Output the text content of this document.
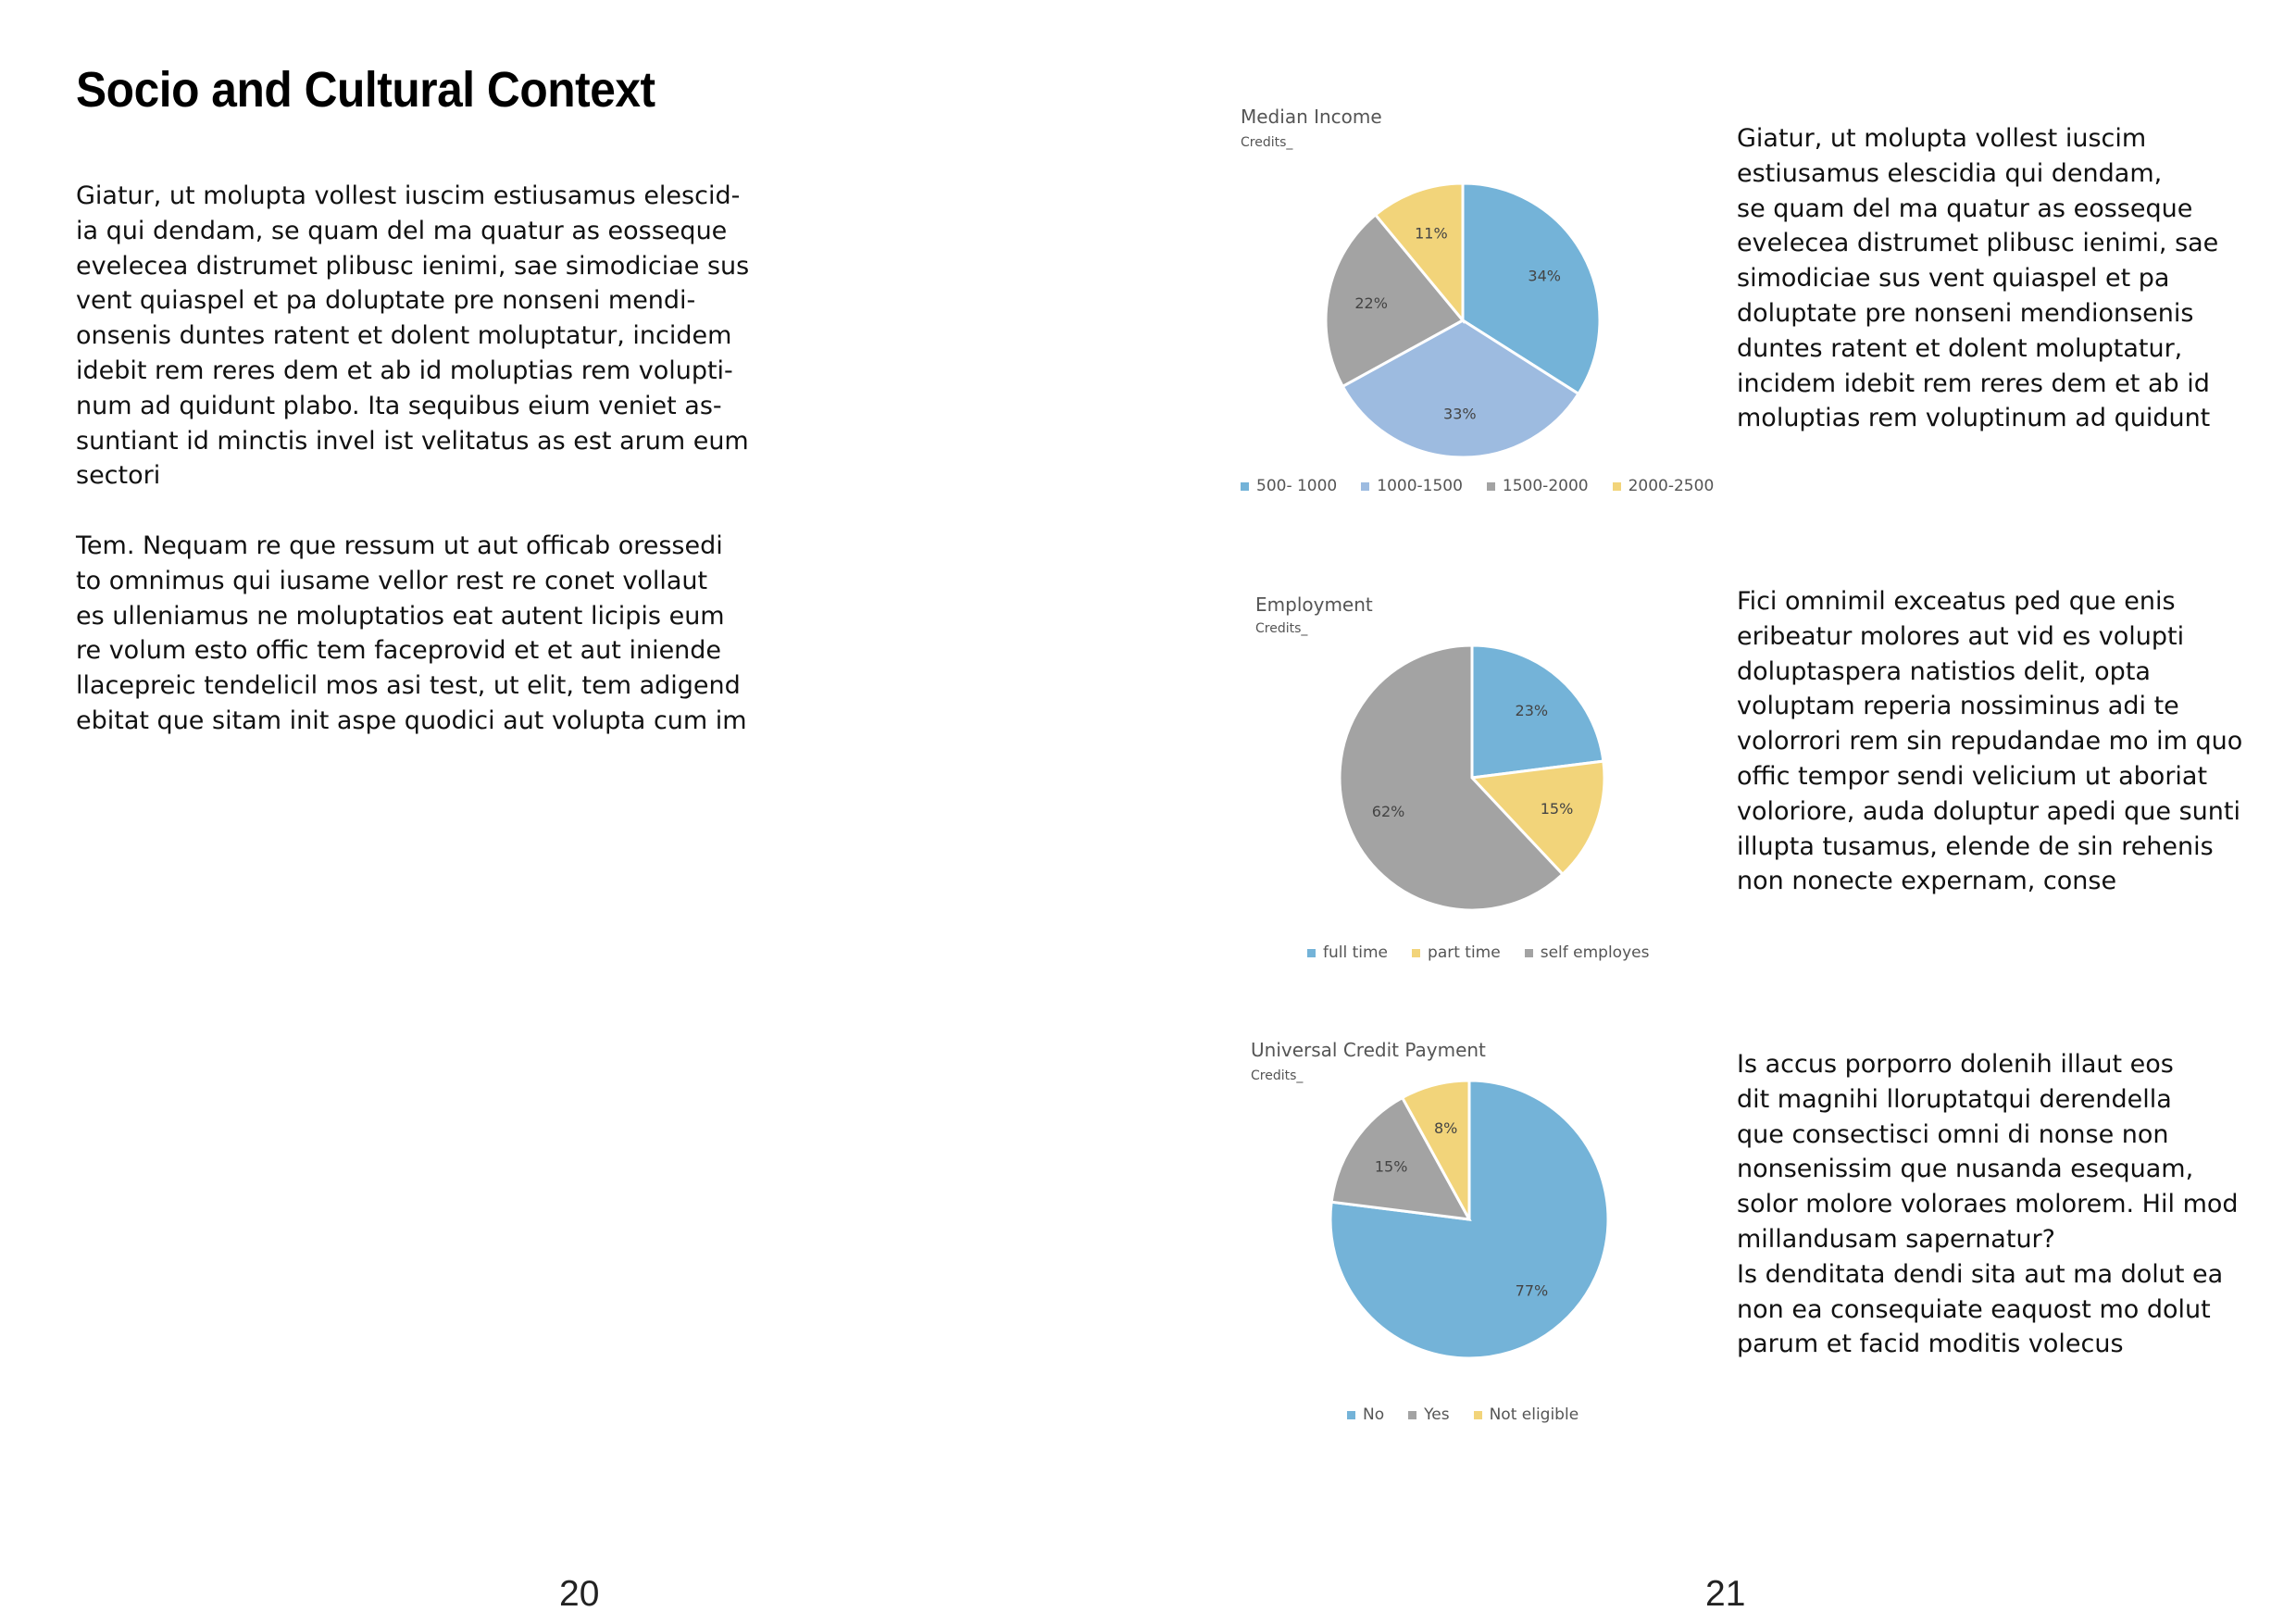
Socio and Cultural Context

Giatur, ut molupta vollest iuscim estiusamus elescid-
ia qui dendam, se quam del ma quatur as eosseque
evelecea distrumet plibusc ienimi, sae simodiciae sus
vent quiaspel et pa doluptate pre nonseni mendi-
onsenis duntes ratent et dolent moluptatur, incidem
idebit rem reres dem et ab id moluptias rem volupti-
num ad quidunt plabo. Ita sequibus eium veniet as-
suntiant id minctis invel ist velitatus as est arum eum
sectori

Tem. Nequam re que ressum ut aut officab oressedi
to omnimus qui iusame vellor rest re conet vollaut
es ulleniamus ne moluptatios eat autent licipis eum
re volum esto offic tem faceprovid et et aut iniende
llacepreic tendelicil mos asi test, ut elit, tem adigend
ebitat que sitam init aspe quodici aut volupta cum im

20
Median Income
Credits_
34%
33%
22%
11%
500- 1000	1000-1500	1500-2000	2000-2500
Employment
Credits_
23%
15%
62%
full time	part time	self employes
Universal Credit Payment
Credits_
77%
15%
8%
No	Yes	Not eligible

Giatur, ut molupta vollest iuscim
estiusamus elescidia qui dendam,
se quam del ma quatur as eosseque
evelecea distrumet plibusc ienimi, sae
simodiciae sus vent quiaspel et pa
doluptate pre nonseni mendionsenis
duntes ratent et dolent moluptatur,
incidem idebit rem reres dem et ab id
moluptias rem voluptinum ad quidunt

Fici omnimil exceatus ped que enis
eribeatur molores aut vid es volupti
doluptaspera natistios delit, opta
voluptam reperia nossiminus adi te
volorrori rem sin repudandae mo im quo
offic tempor sendi velicium ut aboriat
voloriore, auda doluptur apedi que sunti
illupta tusamus, elende de sin rehenis
non nonecte expernam, conse

Is accus porporro dolenih illaut eos
dit magnihi lloruptatqui derendella
que consectisci omni di nonse non
nonsenissim que nusanda esequam,
solor molore voloraes molorem. Hil mod
millandusam sapernatur?
Is denditata dendi sita aut ma dolut ea
non ea consequiate eaquost mo dolut
parum et facid moditis volecus

21
